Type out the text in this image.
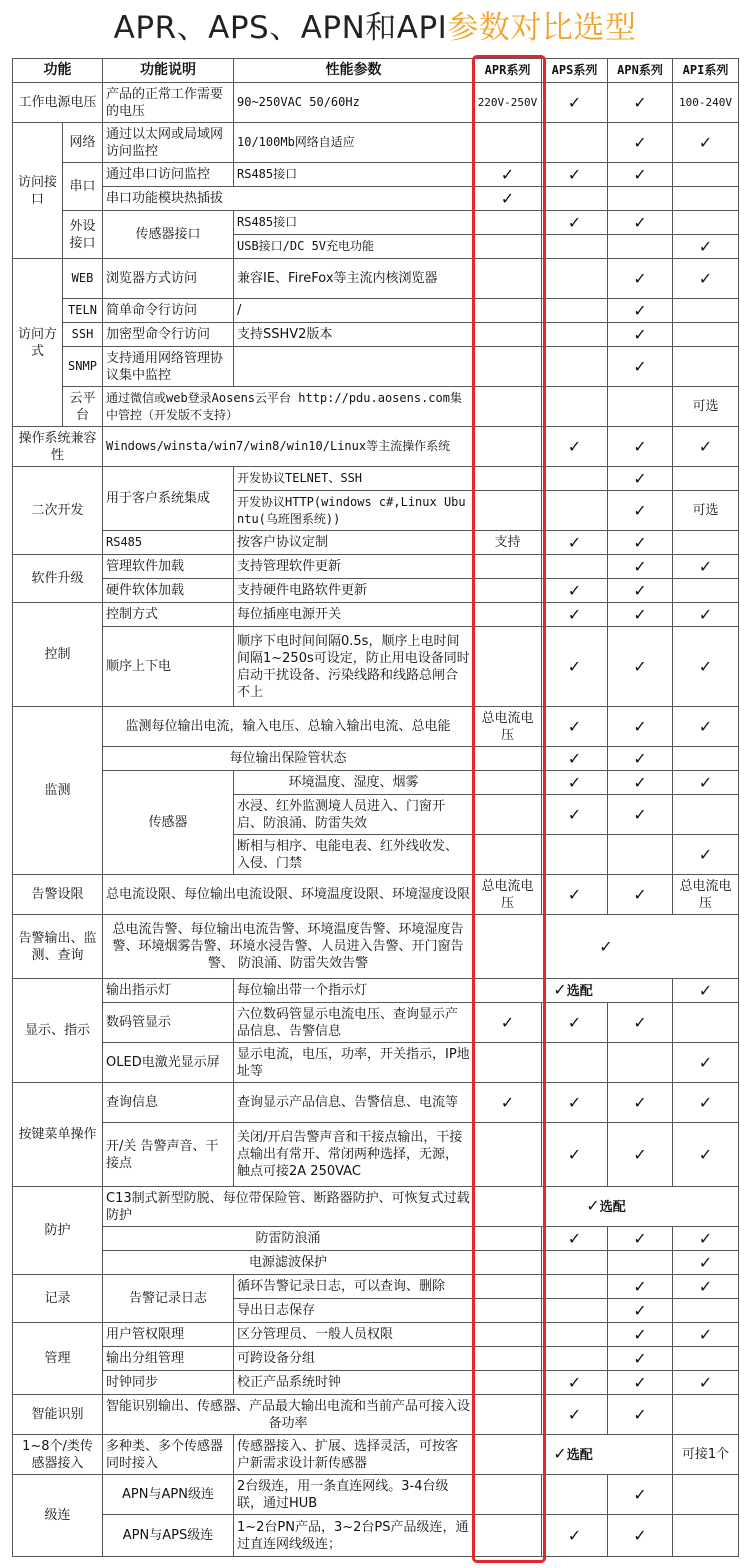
APR、APS、APN和API参数对比选型
功能		功能说明	性能参数	APR系列	APS系列	APN系列	API系列
工作电源电压		产品的正常工作需要的电压	90~250VAC 50/60Hz	220V-250V	✓	✓	100-240V
访问接口	网络	通过以太网或局域网访问监控	10/100Mb网络自适应			✓	✓
	串口	通过串口访问监控	RS485接口	✓	✓	✓	
		串口功能模块热插拔		✓			
	外设接口	传感器接口	RS485接口		✓	✓	
			USB接口/DC 5V充电功能				✓
访问方式	WEB	浏览器方式访问	兼容IE、FireFox等主流内核浏览器			✓	✓
	TELN	简单命令行访问	/			✓	
	SSH	加密型命令行访问	支持SSHV2版本			✓	
	SNMP	支持通用网络管理协议集中监控				✓	
	云平台	通过微信或web登录Aosens云平台 http://pdu.aosens.com集中管控（开发版不支持）					可选
操作系统兼容性		Windows/winsta/win7/win8/win10/Linux等主流操作系统			✓	✓	✓
二次开发		用于客户系统集成	开发协议TELNET、SSH			✓	
			开发协议HTTP(windows c#,Linux Ubuntu(乌班图系统))			✓	可选
		RS485	按客户协议定制	支持	✓	✓	
软件升级		管理软件加载	支持管理软件更新			✓	✓
		硬件软体加载	支持硬件电路软件更新		✓	✓	
控制		控制方式	每位插座电源开关		✓	✓	✓
		顺序上下电	顺序下电时间间隔0.5s，顺序上电时间间隔1~250s可设定，防止用电设备同时启动干扰设备、污染线路和线路总闸合不上		✓	✓	✓
监测		监测每位输出电流，输入电压、总输入输出电流、总电能		总电流电压	✓	✓	✓
		每位输出保险管状态			✓	✓	
		传感器	环境温度、湿度、烟雾		✓	✓	✓
			水浸、红外监测境人员进入、门窗开启、防浪涌、防雷失效		✓	✓	
			断相与相序、电能电表、红外线收发、入侵、门禁				✓
告警设限		总电流设限、每位输出电流设限、环境温度设限、环境湿度设限		总电流电压	✓	✓	总电流电压
告警输出、监测、查询		总电流告警、每位输出电流告警、环境温度告警、环境湿度告警、环境烟雾告警、环境水浸告警、人员进入告警、开门窗告警、 防浪涌、防雷失效告警		✓			
显示、指示		输出指示灯	每位输出带一个指示灯	✓选配			✓
		数码管显示	六位数码管显示电流电压、查询显示产品信息、告警信息	✓	✓	✓	
		OLED电激光显示屏	显示电流，电压，功率，开关指示，IP地址等				✓
按键菜单操作		查询信息	查询显示产品信息、告警信息、电流等	✓	✓	✓	✓
		开/关 告警声音、干接点	关闭/开启告警声音和干接点输出，干接点输出有常开、常闭两种选择，无源，触点可接2A 250VAC		✓	✓	✓
防护		C13制式新型防脱、每位带保险管、断路器防护、可恢复式过载防护		✓选配			
		防雷防浪涌			✓	✓	✓
		电源滤波保护					✓
记录		告警记录日志	循环告警记录日志，可以查询、删除			✓	✓
			导出日志保存			✓	
管理		用户管权限理	区分管理员、一般人员权限			✓	✓
		输出分组管理	可跨设备分组			✓	
		时钟同步	校正产品系统时钟		✓	✓	✓
智能识别		智能识别输出、传感器、产品最大输出电流和当前产品可接入设备功率			✓	✓	
1~8个/类传感器接入		多种类、多个传感器同时接入	传感器接入、扩展、选择灵活，可按客户新需求设计新传感器	✓选配			可接1个
级连		APN与APN级连	2台级连，用一条直连网线。3-4台级联，通过HUB			✓	
		APN与APS级连	1~2台PN产品，3~2台PS产品级连，通过直连网线级连；		✓	✓	
